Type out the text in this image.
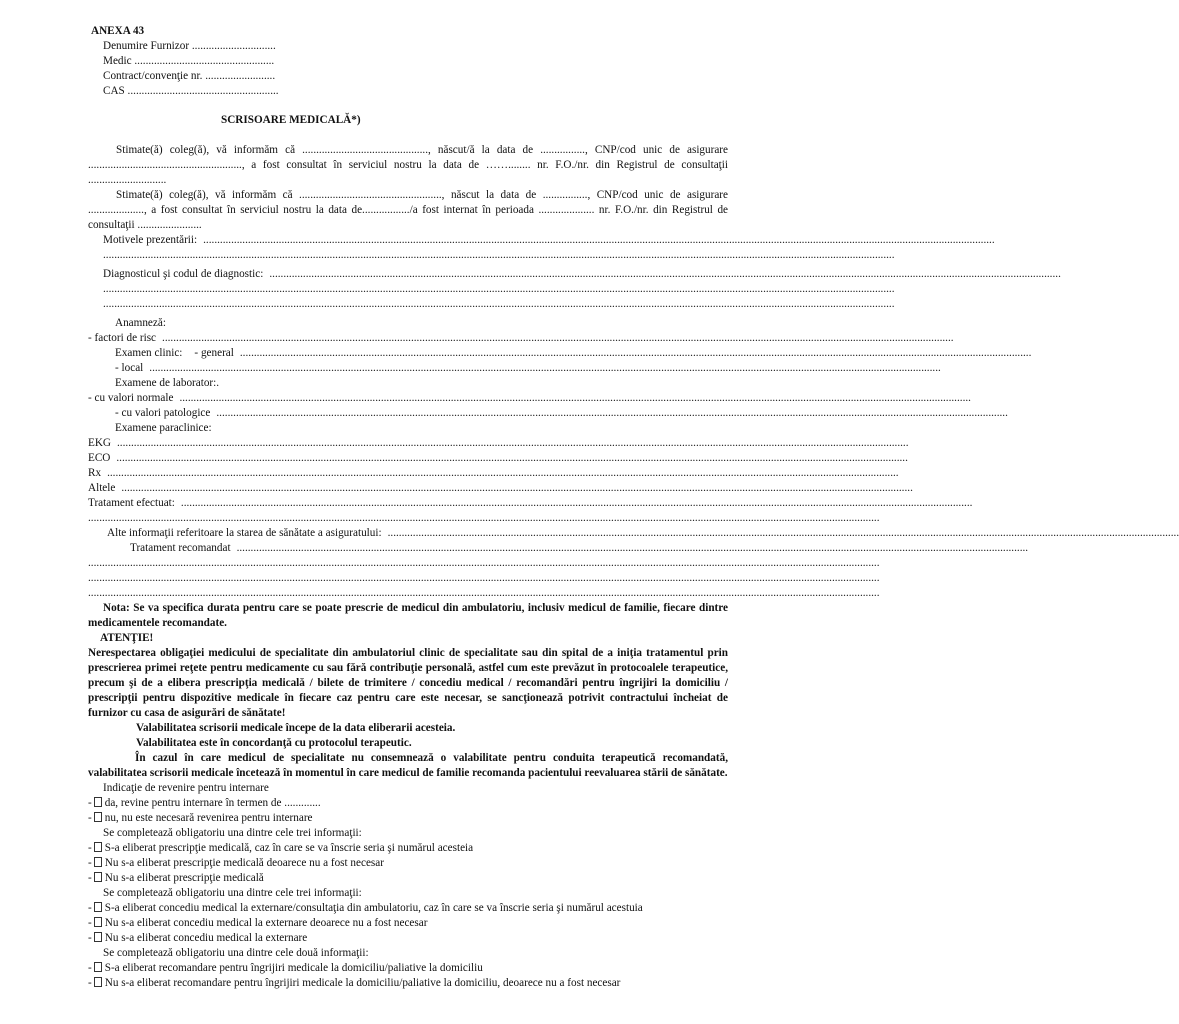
ANEXA 43
Denumire Furnizor ..............................
Medic ..................................................
Contract/convenţie nr. .........................
CAS ......................................................
SCRISOARE MEDICALĂ*)
Stimate(ă) coleg(ă), vă informăm că ............................................., născut/ă la data de ................, CNP/cod unic de asigurare ......................................................., a fost consultat în serviciul nostru la data de ……........ nr. F.O./nr. din Registrul de consultaţii ............................
Stimate(ă) coleg(ă), vă informăm că ..................................................., născut la data de ................, CNP/cod unic de asigurare ...................., a fost consultat în serviciul nostru la data de................./a fost internat în perioada .................... nr. F.O./nr. din Registrul de consultaţii .......................
Motivele prezentării: ...........................................................................................................................................................................................................................................................................................
...........................................................................................................................................................................................................................................................................................
Diagnosticul şi codul de diagnostic: ...........................................................................................................................................................................................................................................................................................
...........................................................................................................................................................................................................................................................................................
...........................................................................................................................................................................................................................................................................................
Anamneză:
- factori de risc ...........................................................................................................................................................................................................................................................................................
Examen clinic: - general ...........................................................................................................................................................................................................................................................................................
- local ...........................................................................................................................................................................................................................................................................................
Examene de laborator:.
- cu valori normale ...........................................................................................................................................................................................................................................................................................
- cu valori patologice ...........................................................................................................................................................................................................................................................................................
Examene paraclinice:
EKG ...........................................................................................................................................................................................................................................................................................
ECO ...........................................................................................................................................................................................................................................................................................
Rx ...........................................................................................................................................................................................................................................................................................
Altele ...........................................................................................................................................................................................................................................................................................
Tratament efectuat: ...........................................................................................................................................................................................................................................................................................
...........................................................................................................................................................................................................................................................................................
Alte informaţii referitoare la starea de sănătate a asiguratului: ...........................................................................................................................................................................................................................................................................................
Tratament recomandat ...........................................................................................................................................................................................................................................................................................
...........................................................................................................................................................................................................................................................................................
...........................................................................................................................................................................................................................................................................................
...........................................................................................................................................................................................................................................................................................
Nota: Se va specifica durata pentru care se poate prescrie de medicul din ambulatoriu, inclusiv medicul de familie, fiecare dintre medicamentele recomandate.
ATENŢIE!
Nerespectarea obligaţiei medicului de specialitate din ambulatoriul clinic de specialitate sau din spital de a iniţia tratamentul prin prescrierea primei reţete pentru medicamente cu sau fără contribuţie personală, astfel cum este prevăzut în protocoalele terapeutice, precum şi de a elibera prescripţia medicală / bilete de trimitere / concediu medical / recomandări pentru îngrijiri la domiciliu / prescripţii pentru dispozitive medicale în fiecare caz pentru care este necesar, se sancţionează potrivit contractului încheiat de furnizor cu casa de asigurări de sănătate!
Valabilitatea scrisorii medicale începe de la data eliberarii acesteia.
Valabilitatea este în concordanţă cu protocolul terapeutic.
În cazul în care medicul de specialitate nu consemnează o valabilitate pentru conduita terapeutică recomandată, valabilitatea scrisorii medicale încetează în momentul în care medicul de familie recomanda pacientului reevaluarea stării de sănătate.
Indicaţie de revenire pentru internare
- da, revine pentru internare în termen de .............
- nu, nu este necesară revenirea pentru internare
Se completează obligatoriu una dintre cele trei informaţii:
- S-a eliberat prescripţie medicală, caz în care se va înscrie seria şi numărul acesteia
- Nu s-a eliberat prescripţie medicală deoarece nu a fost necesar
- Nu s-a eliberat prescripţie medicală
Se completează obligatoriu una dintre cele trei informaţii:
- S-a eliberat concediu medical la externare/consultaţia din ambulatoriu, caz în care se va înscrie seria şi numărul acestuia
- Nu s-a eliberat concediu medical la externare deoarece nu a fost necesar
- Nu s-a eliberat concediu medical la externare
Se completează obligatoriu una dintre cele două informaţii:
- S-a eliberat recomandare pentru îngrijiri medicale la domiciliu/paliative la domiciliu
- Nu s-a eliberat recomandare pentru îngrijiri medicale la domiciliu/paliative la domiciliu, deoarece nu a fost necesar
